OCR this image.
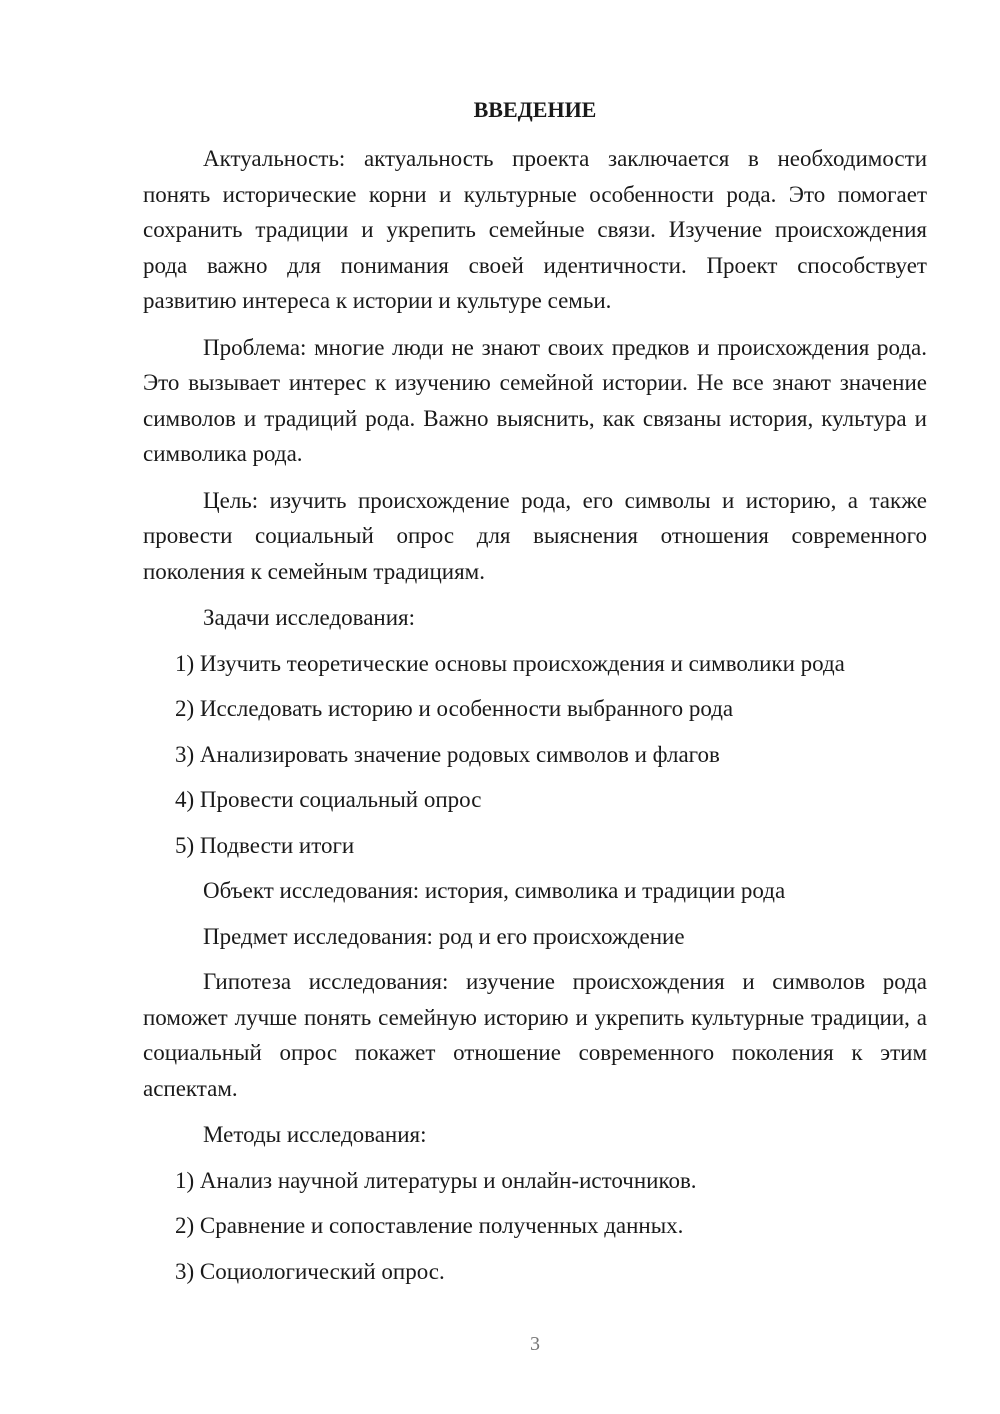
ВВЕДЕНИЕ

Актуальность: актуальность проекта заключается в необходимости понять исторические корни и культурные особенности рода. Это помогает сохранить традиции и укрепить семейные связи. Изучение происхождения рода важно для понимания своей идентичности. Проект способствует развитию интереса к истории и культуре семьи.

Проблема: многие люди не знают своих предков и происхождения рода. Это вызывает интерес к изучению семейной истории. Не все знают значение символов и традиций рода. Важно выяснить, как связаны история, культура и символика рода.

Цель: изучить происхождение рода, его символы и историю, а также провести социальный опрос для выяснения отношения современного поколения к семейным традициям.

Задачи исследования:
1) Изучить теоретические основы происхождения и символики рода
2) Исследовать историю и особенности выбранного рода
3) Анализировать значение родовых символов и флагов
4) Провести социальный опрос
5) Подвести итоги
Объект исследования: история, символика и традиции рода
Предмет исследования: род и его происхождение

Гипотеза исследования: изучение происхождения и символов рода поможет лучше понять семейную историю и укрепить культурные традиции, а социальный опрос покажет отношение современного поколения к этим аспектам.

Методы исследования:
1) Анализ научной литературы и онлайн-источников.
2) Сравнение и сопоставление полученных данных.
3) Социологический опрос.
3
